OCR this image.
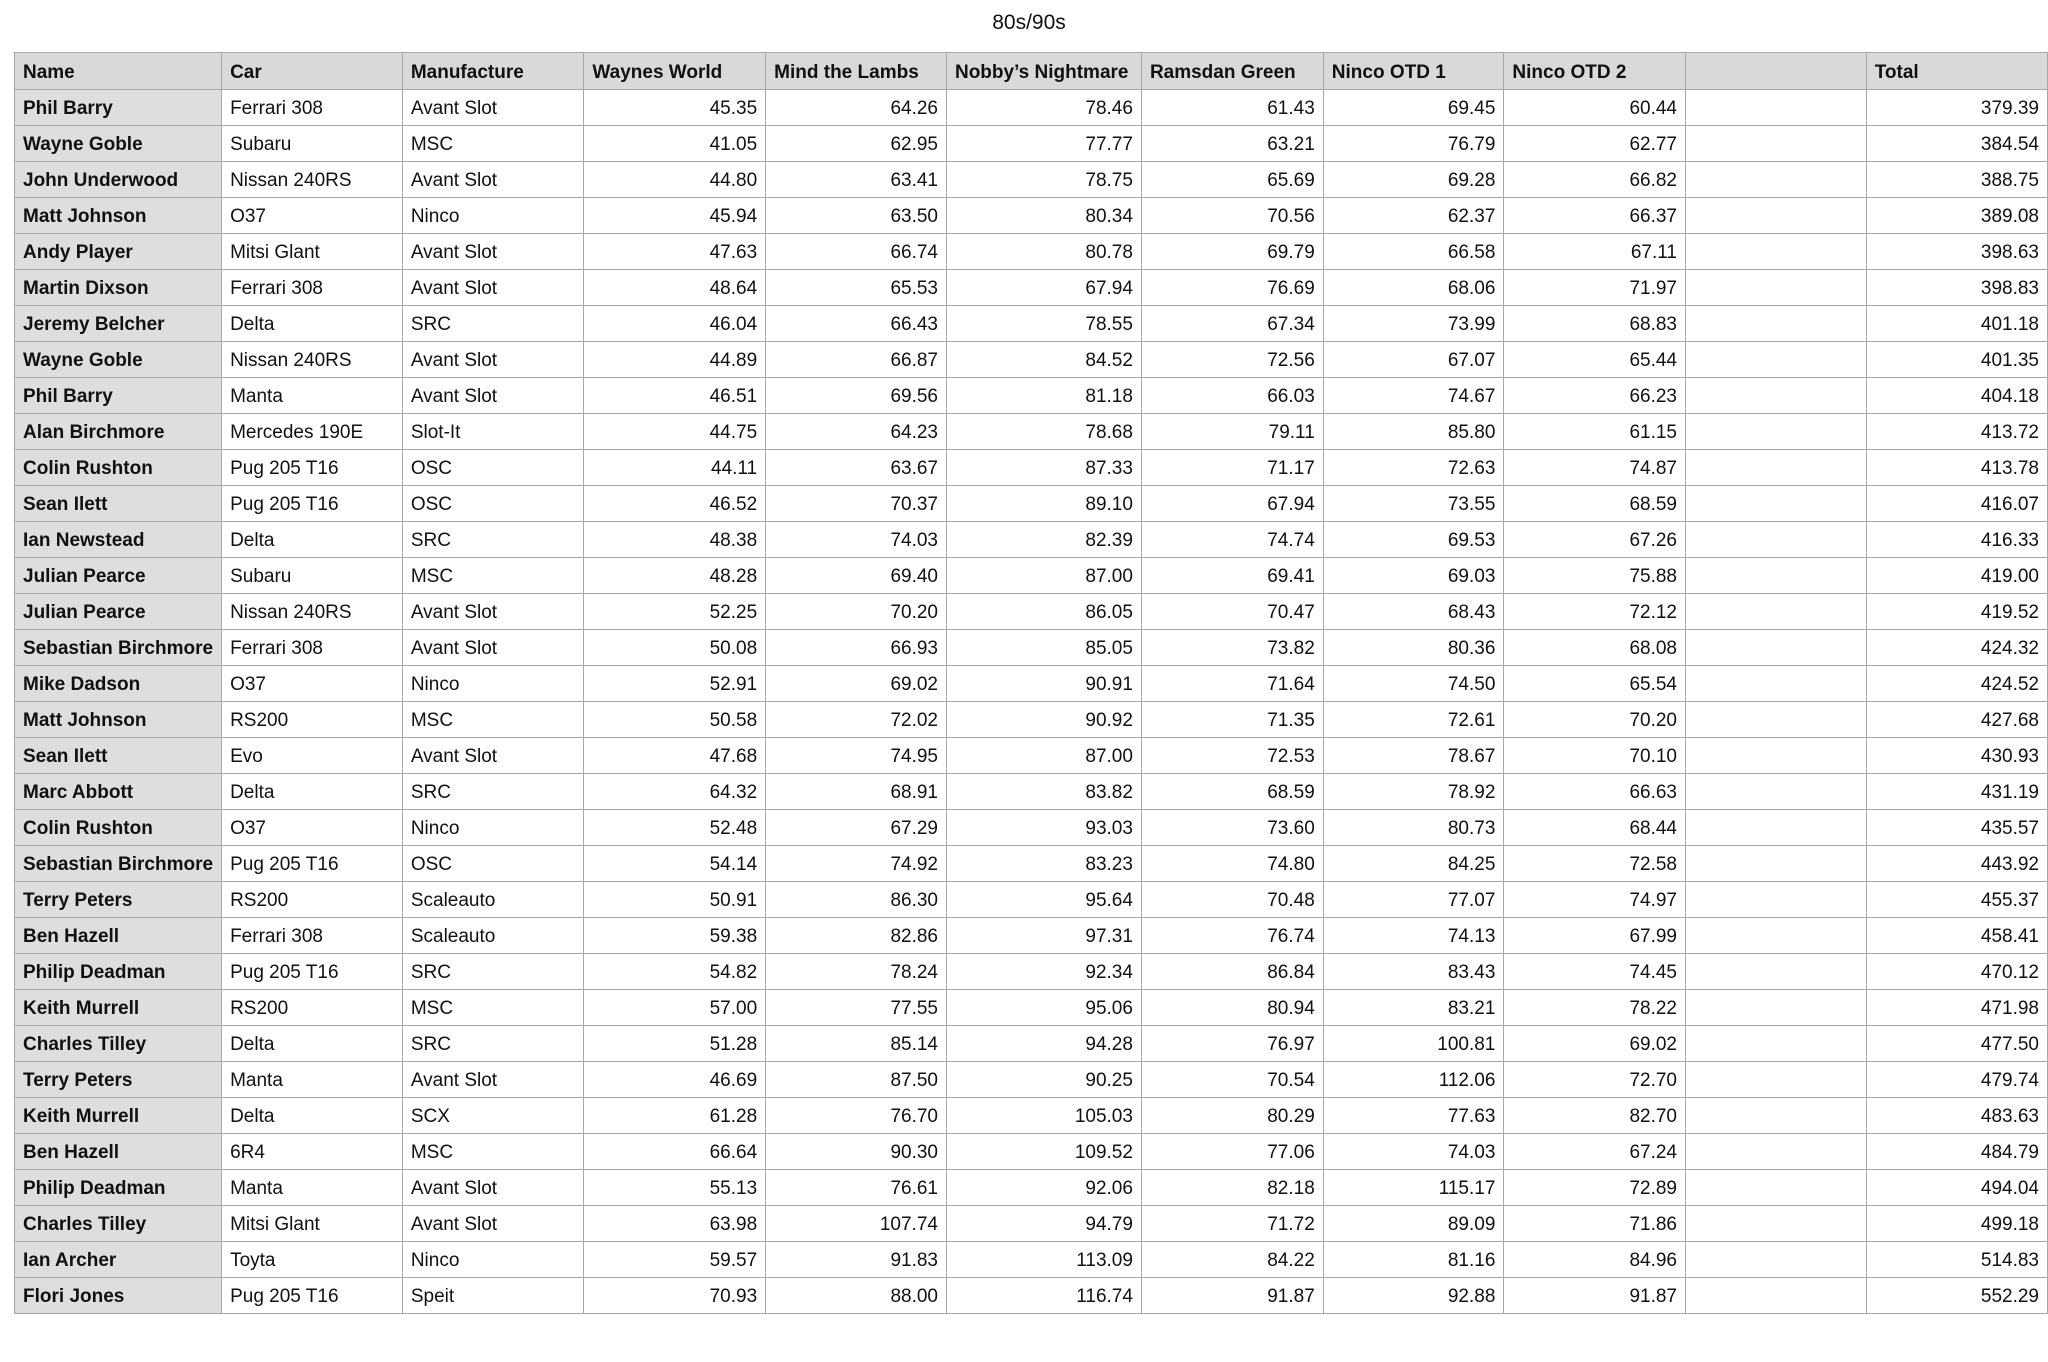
80s/90s
Name	Car	Manufacture	Waynes World	Mind the Lambs	Nobby’s Nightmare	Ramsdan Green	Ninco OTD 1	Ninco OTD 2		Total
Phil Barry	Ferrari 308	Avant Slot	45.35	64.26	78.46	61.43	69.45	60.44		379.39
Wayne Goble	Subaru	MSC	41.05	62.95	77.77	63.21	76.79	62.77		384.54
John Underwood	Nissan 240RS	Avant Slot	44.80	63.41	78.75	65.69	69.28	66.82		388.75
Matt Johnson	O37	Ninco	45.94	63.50	80.34	70.56	62.37	66.37		389.08
Andy Player	Mitsi Glant	Avant Slot	47.63	66.74	80.78	69.79	66.58	67.11		398.63
Martin Dixson	Ferrari 308	Avant Slot	48.64	65.53	67.94	76.69	68.06	71.97		398.83
Jeremy Belcher	Delta	SRC	46.04	66.43	78.55	67.34	73.99	68.83		401.18
Wayne Goble	Nissan 240RS	Avant Slot	44.89	66.87	84.52	72.56	67.07	65.44		401.35
Phil Barry	Manta	Avant Slot	46.51	69.56	81.18	66.03	74.67	66.23		404.18
Alan Birchmore	Mercedes 190E	Slot-It	44.75	64.23	78.68	79.11	85.80	61.15		413.72
Colin Rushton	Pug 205 T16	OSC	44.11	63.67	87.33	71.17	72.63	74.87		413.78
Sean Ilett	Pug 205 T16	OSC	46.52	70.37	89.10	67.94	73.55	68.59		416.07
Ian Newstead	Delta	SRC	48.38	74.03	82.39	74.74	69.53	67.26		416.33
Julian Pearce	Subaru	MSC	48.28	69.40	87.00	69.41	69.03	75.88		419.00
Julian Pearce	Nissan 240RS	Avant Slot	52.25	70.20	86.05	70.47	68.43	72.12		419.52
Sebastian Birchmore	Ferrari 308	Avant Slot	50.08	66.93	85.05	73.82	80.36	68.08		424.32
Mike Dadson	O37	Ninco	52.91	69.02	90.91	71.64	74.50	65.54		424.52
Matt Johnson	RS200	MSC	50.58	72.02	90.92	71.35	72.61	70.20		427.68
Sean Ilett	Evo	Avant Slot	47.68	74.95	87.00	72.53	78.67	70.10		430.93
Marc Abbott	Delta	SRC	64.32	68.91	83.82	68.59	78.92	66.63		431.19
Colin Rushton	O37	Ninco	52.48	67.29	93.03	73.60	80.73	68.44		435.57
Sebastian Birchmore	Pug 205 T16	OSC	54.14	74.92	83.23	74.80	84.25	72.58		443.92
Terry Peters	RS200	Scaleauto	50.91	86.30	95.64	70.48	77.07	74.97		455.37
Ben Hazell	Ferrari 308	Scaleauto	59.38	82.86	97.31	76.74	74.13	67.99		458.41
Philip Deadman	Pug 205 T16	SRC	54.82	78.24	92.34	86.84	83.43	74.45		470.12
Keith Murrell	RS200	MSC	57.00	77.55	95.06	80.94	83.21	78.22		471.98
Charles Tilley	Delta	SRC	51.28	85.14	94.28	76.97	100.81	69.02		477.50
Terry Peters	Manta	Avant Slot	46.69	87.50	90.25	70.54	112.06	72.70		479.74
Keith Murrell	Delta	SCX	61.28	76.70	105.03	80.29	77.63	82.70		483.63
Ben Hazell	6R4	MSC	66.64	90.30	109.52	77.06	74.03	67.24		484.79
Philip Deadman	Manta	Avant Slot	55.13	76.61	92.06	82.18	115.17	72.89		494.04
Charles Tilley	Mitsi Glant	Avant Slot	63.98	107.74	94.79	71.72	89.09	71.86		499.18
Ian Archer	Toyta	Ninco	59.57	91.83	113.09	84.22	81.16	84.96		514.83
Flori Jones	Pug 205 T16	Speit	70.93	88.00	116.74	91.87	92.88	91.87		552.29
